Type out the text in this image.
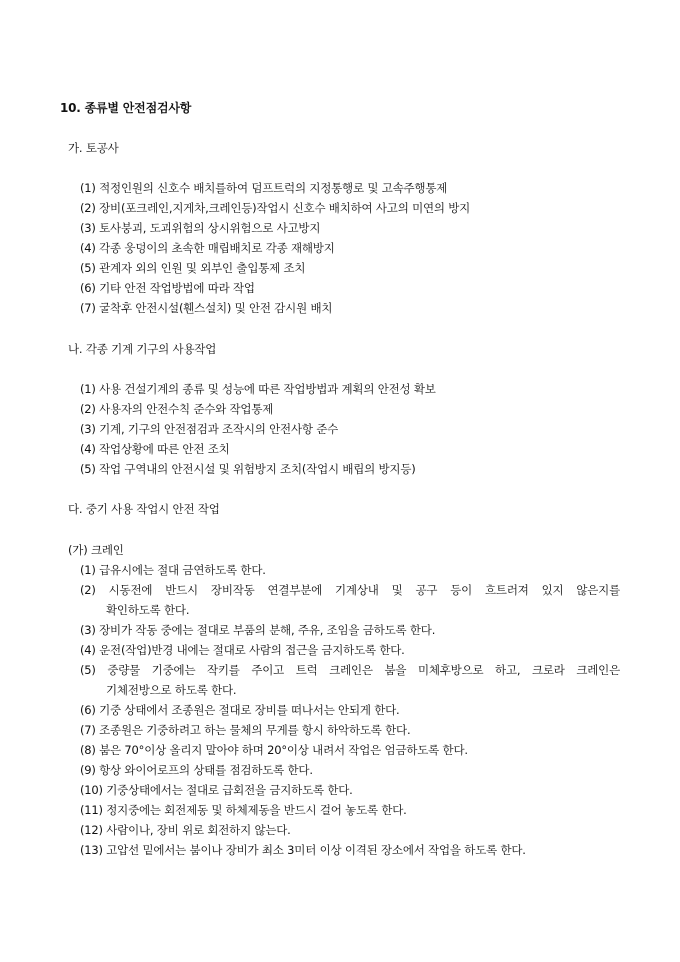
10. 종류별 안전점검사항
가. 토공사
(1) 적정인원의 신호수 배치를하여 덤프트럭의 지정통행로 및 고속주행통제
(2) 장비(포크레인,지게차,크레인등)작업시 신호수 배치하여 사고의 미연의 방지
(3) 토사붕괴, 도괴위험의 상시위험으로 사고방지
(4) 각종 웅덩이의 초속한 매립배치로 각종 재해방지
(5) 관계자 외의 인원 및 외부인 출입통제 조치
(6) 기타 안전 작업방법에 따라 작업
(7) 굴착후 안전시설(휀스설치) 및 안전 감시원 배치
나. 각종 기계 기구의 사용작업
(1) 사용 건설기계의 종류 및 성능에 따른 작업방법과 계획의 안전성 확보
(2) 사용자의 안전수칙 준수와 작업통제
(3) 기계, 기구의 안전점검과 조작시의 안전사항 준수
(4) 작업상황에 따른 안전 조치
(5) 작업 구역내의 안전시설 및 위험방지 조치(작업시 배립의 방지등)
다. 중기 사용 작업시 안전 작업
(가) 크레인
(1) 급유시에는 절대 금연하도록 한다.
(2) 시동전에 반드시 장비작동 연결부분에 기계상내 및 공구 등이 흐트러져 있지 않은지를
확인하도록 한다.
(3) 장비가 작동 중에는 절대로 부품의 분해, 주유, 조임을 금하도록 한다.
(4) 운전(작업)반경 내에는 절대로 사람의 접근을 금지하도록 한다.
(5) 중량물 기중에는 작키를 주이고 트럭 크레인은 붐을 미체후방으로 하고, 크로라 크레인은
기체전방으로 하도록 한다.
(6) 기중 상태에서 조종원은 절대로 장비를 떠나서는 안되게 한다.
(7) 조종원은 기중하려고 하는 물체의 무게를 항시 하악하도록 한다.
(8) 붐은 70°이상 올리지 말아야 하며 20°이상 내려서 작업은 엄금하도록 한다.
(9) 항상 와이어로프의 상태를 점검하도록 한다.
(10) 기중상태에서는 절대로 급회전을 금지하도록 한다.
(11) 정지중에는 회전제동 및 하체제동을 반드시 걸어 놓도록 한다.
(12) 사람이나, 장비 위로 회전하지 않는다.
(13) 고압선 밑에서는 붐이나 장비가 최소 3미터 이상 이격된 장소에서 작업을 하도록 한다.
